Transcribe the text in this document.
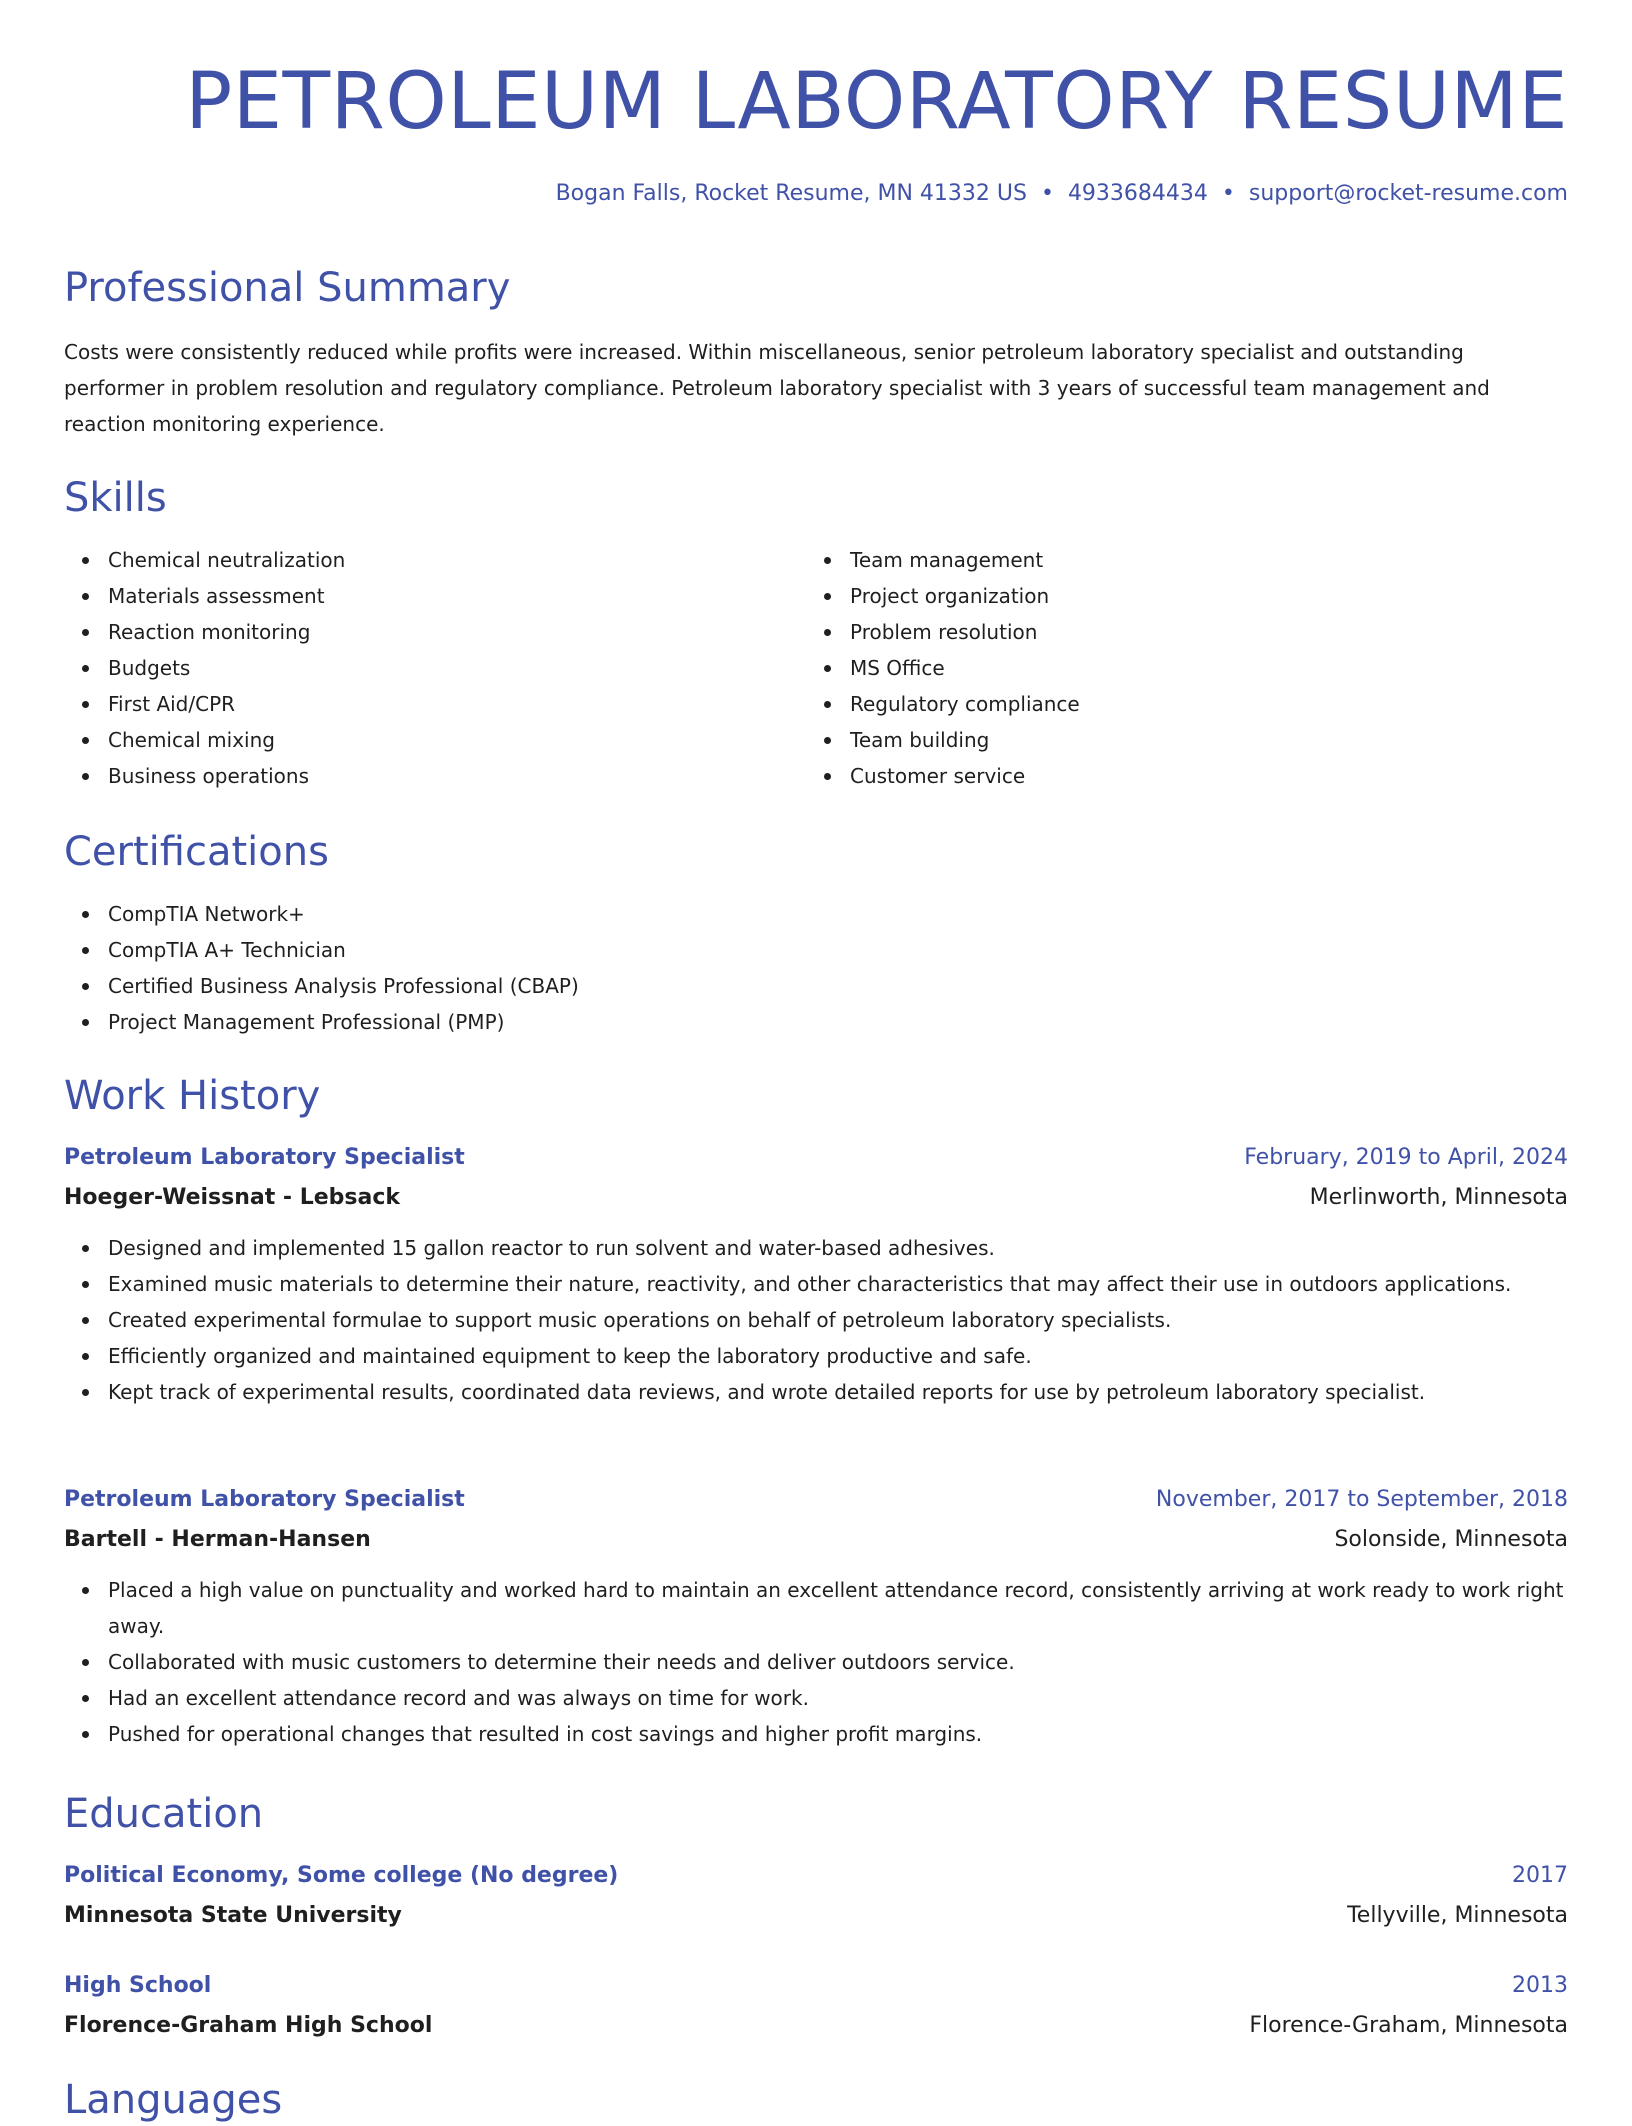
PETROLEUM LABORATORY RESUME
Bogan Falls, Rocket Resume, MN 41332 US • 4933684434 • support@rocket-resume.com
Professional Summary

Costs were consistently reduced while profits were increased. Within miscellaneous, senior petroleum laboratory specialist and outstanding performer in problem resolution and regulatory compliance. Petroleum laboratory specialist with 3 years of successful team management and reaction monitoring experience.

Skills
Chemical neutralization
Materials assessment
Reaction monitoring
Budgets
First Aid/CPR
Chemical mixing
Business operations
Team management
Project organization
Problem resolution
MS Office
Regulatory compliance
Team building
Customer service
Certifications
CompTIA Network+
CompTIA A+ Technician
Certified Business Analysis Professional (CBAP)
Project Management Professional (PMP)
Work History
Petroleum Laboratory Specialist	February, 2019 to April, 2024
Hoeger-Weissnat - Lebsack	Merlinworth, Minnesota
Designed and implemented 15 gallon reactor to run solvent and water-based adhesives.
Examined music materials to determine their nature, reactivity, and other characteristics that may affect their use in outdoors applications.
Created experimental formulae to support music operations on behalf of petroleum laboratory specialists.
Efficiently organized and maintained equipment to keep the laboratory productive and safe.
Kept track of experimental results, coordinated data reviews, and wrote detailed reports for use by petroleum laboratory specialist.
Petroleum Laboratory Specialist	November, 2017 to September, 2018
Bartell - Herman-Hansen	Solonside, Minnesota
Placed a high value on punctuality and worked hard to maintain an excellent attendance record, consistently arriving at work ready to work right away.
Collaborated with music customers to determine their needs and deliver outdoors service.
Had an excellent attendance record and was always on time for work.
Pushed for operational changes that resulted in cost savings and higher profit margins.
Education
Political Economy, Some college (No degree)	2017
Minnesota State University	Tellyville, Minnesota
High School	2013
Florence-Graham High School	Florence-Graham, Minnesota
Languages
